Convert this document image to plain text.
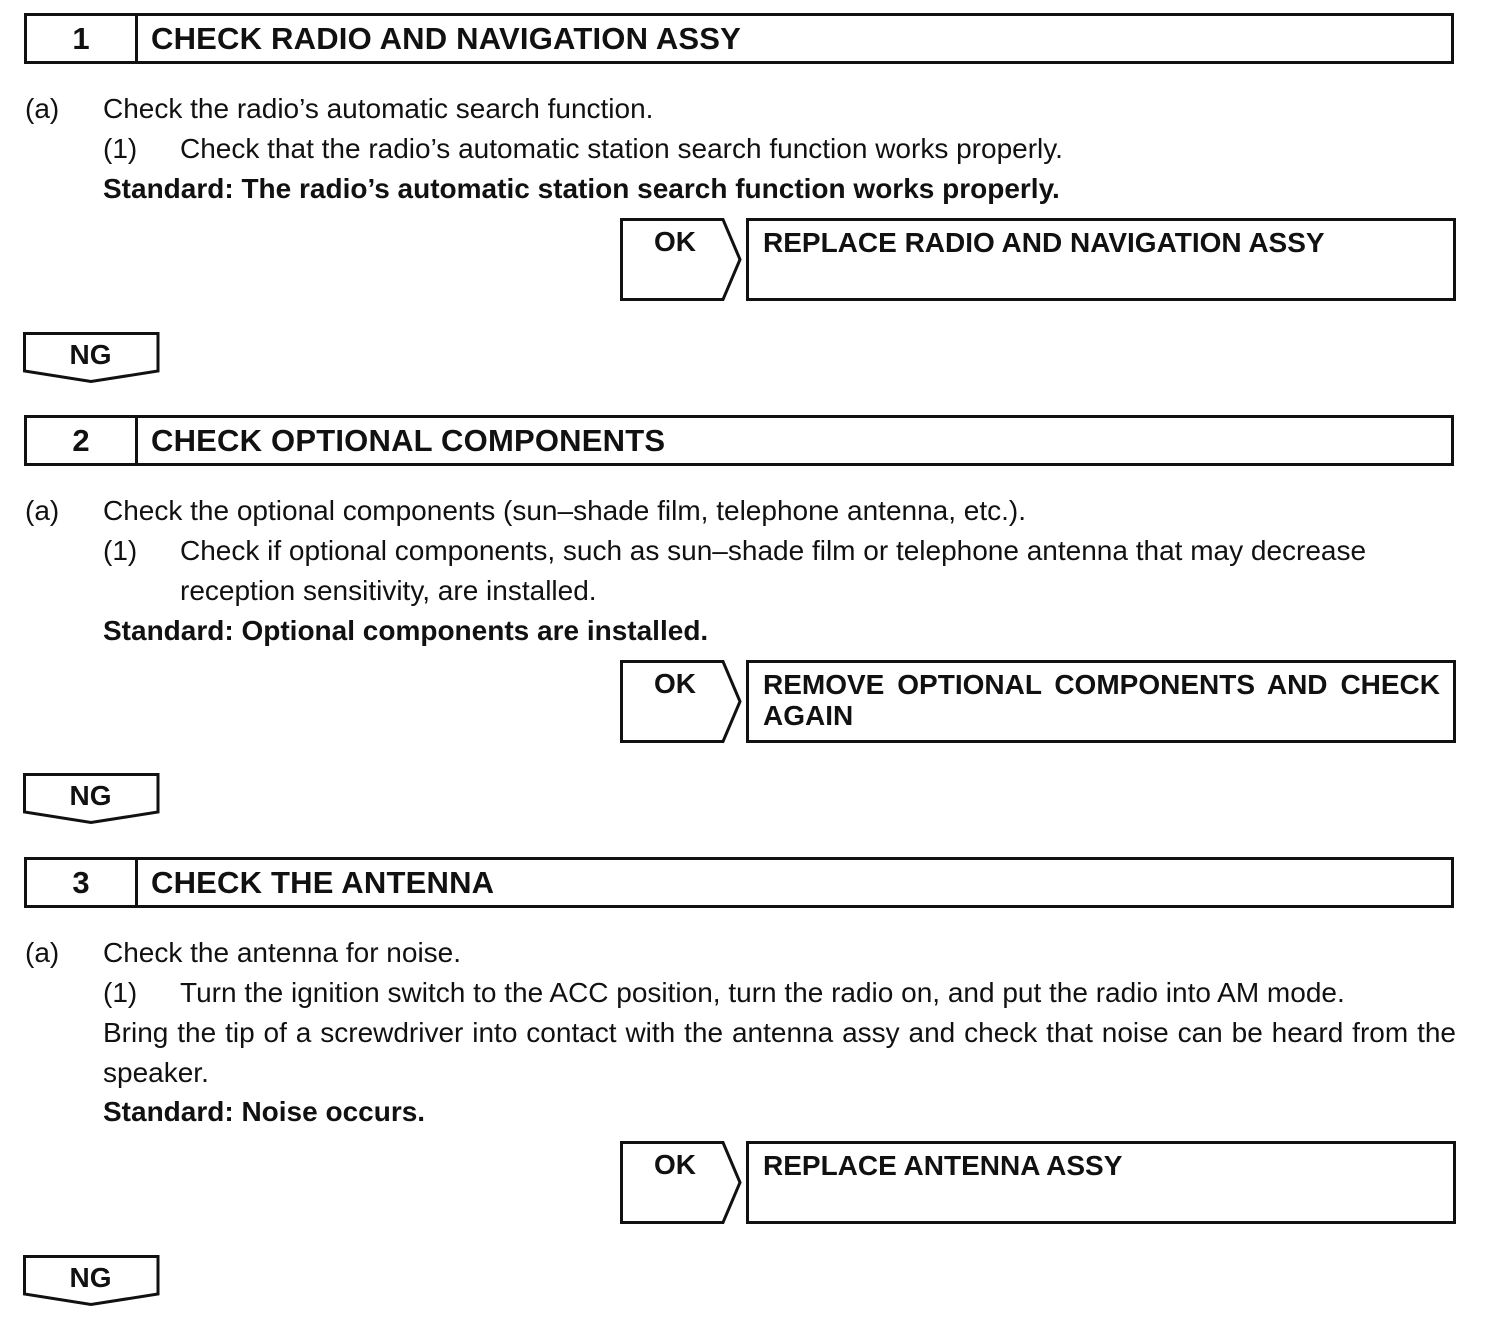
1	CHECK RADIO AND NAVIGATION ASSY
(a) Check the radio’s automatic search function.
(1) Check that the radio’s automatic station search function works properly.
Standard: The radio’s automatic station search function works properly.
OK	REPLACE RADIO AND NAVIGATION ASSY
NG
2	CHECK OPTIONAL COMPONENTS
(a) Check the optional components (sun–shade film, telephone antenna, etc.).
(1) Check if optional components, such as sun–shade film or telephone antenna that may decrease
reception sensitivity, are installed.
Standard: Optional components are installed.
OK	REMOVE OPTIONAL COMPONENTS AND CHECK AGAIN
NG
3	CHECK THE ANTENNA
(a) Check the antenna for noise.
(1) Turn the ignition switch to the ACC position, turn the radio on, and put the radio into AM mode.
Bring the tip of a screwdriver into contact with the antenna assy and check that noise can be heard from the speaker.
Standard: Noise occurs.
OK	REPLACE ANTENNA ASSY
NG
